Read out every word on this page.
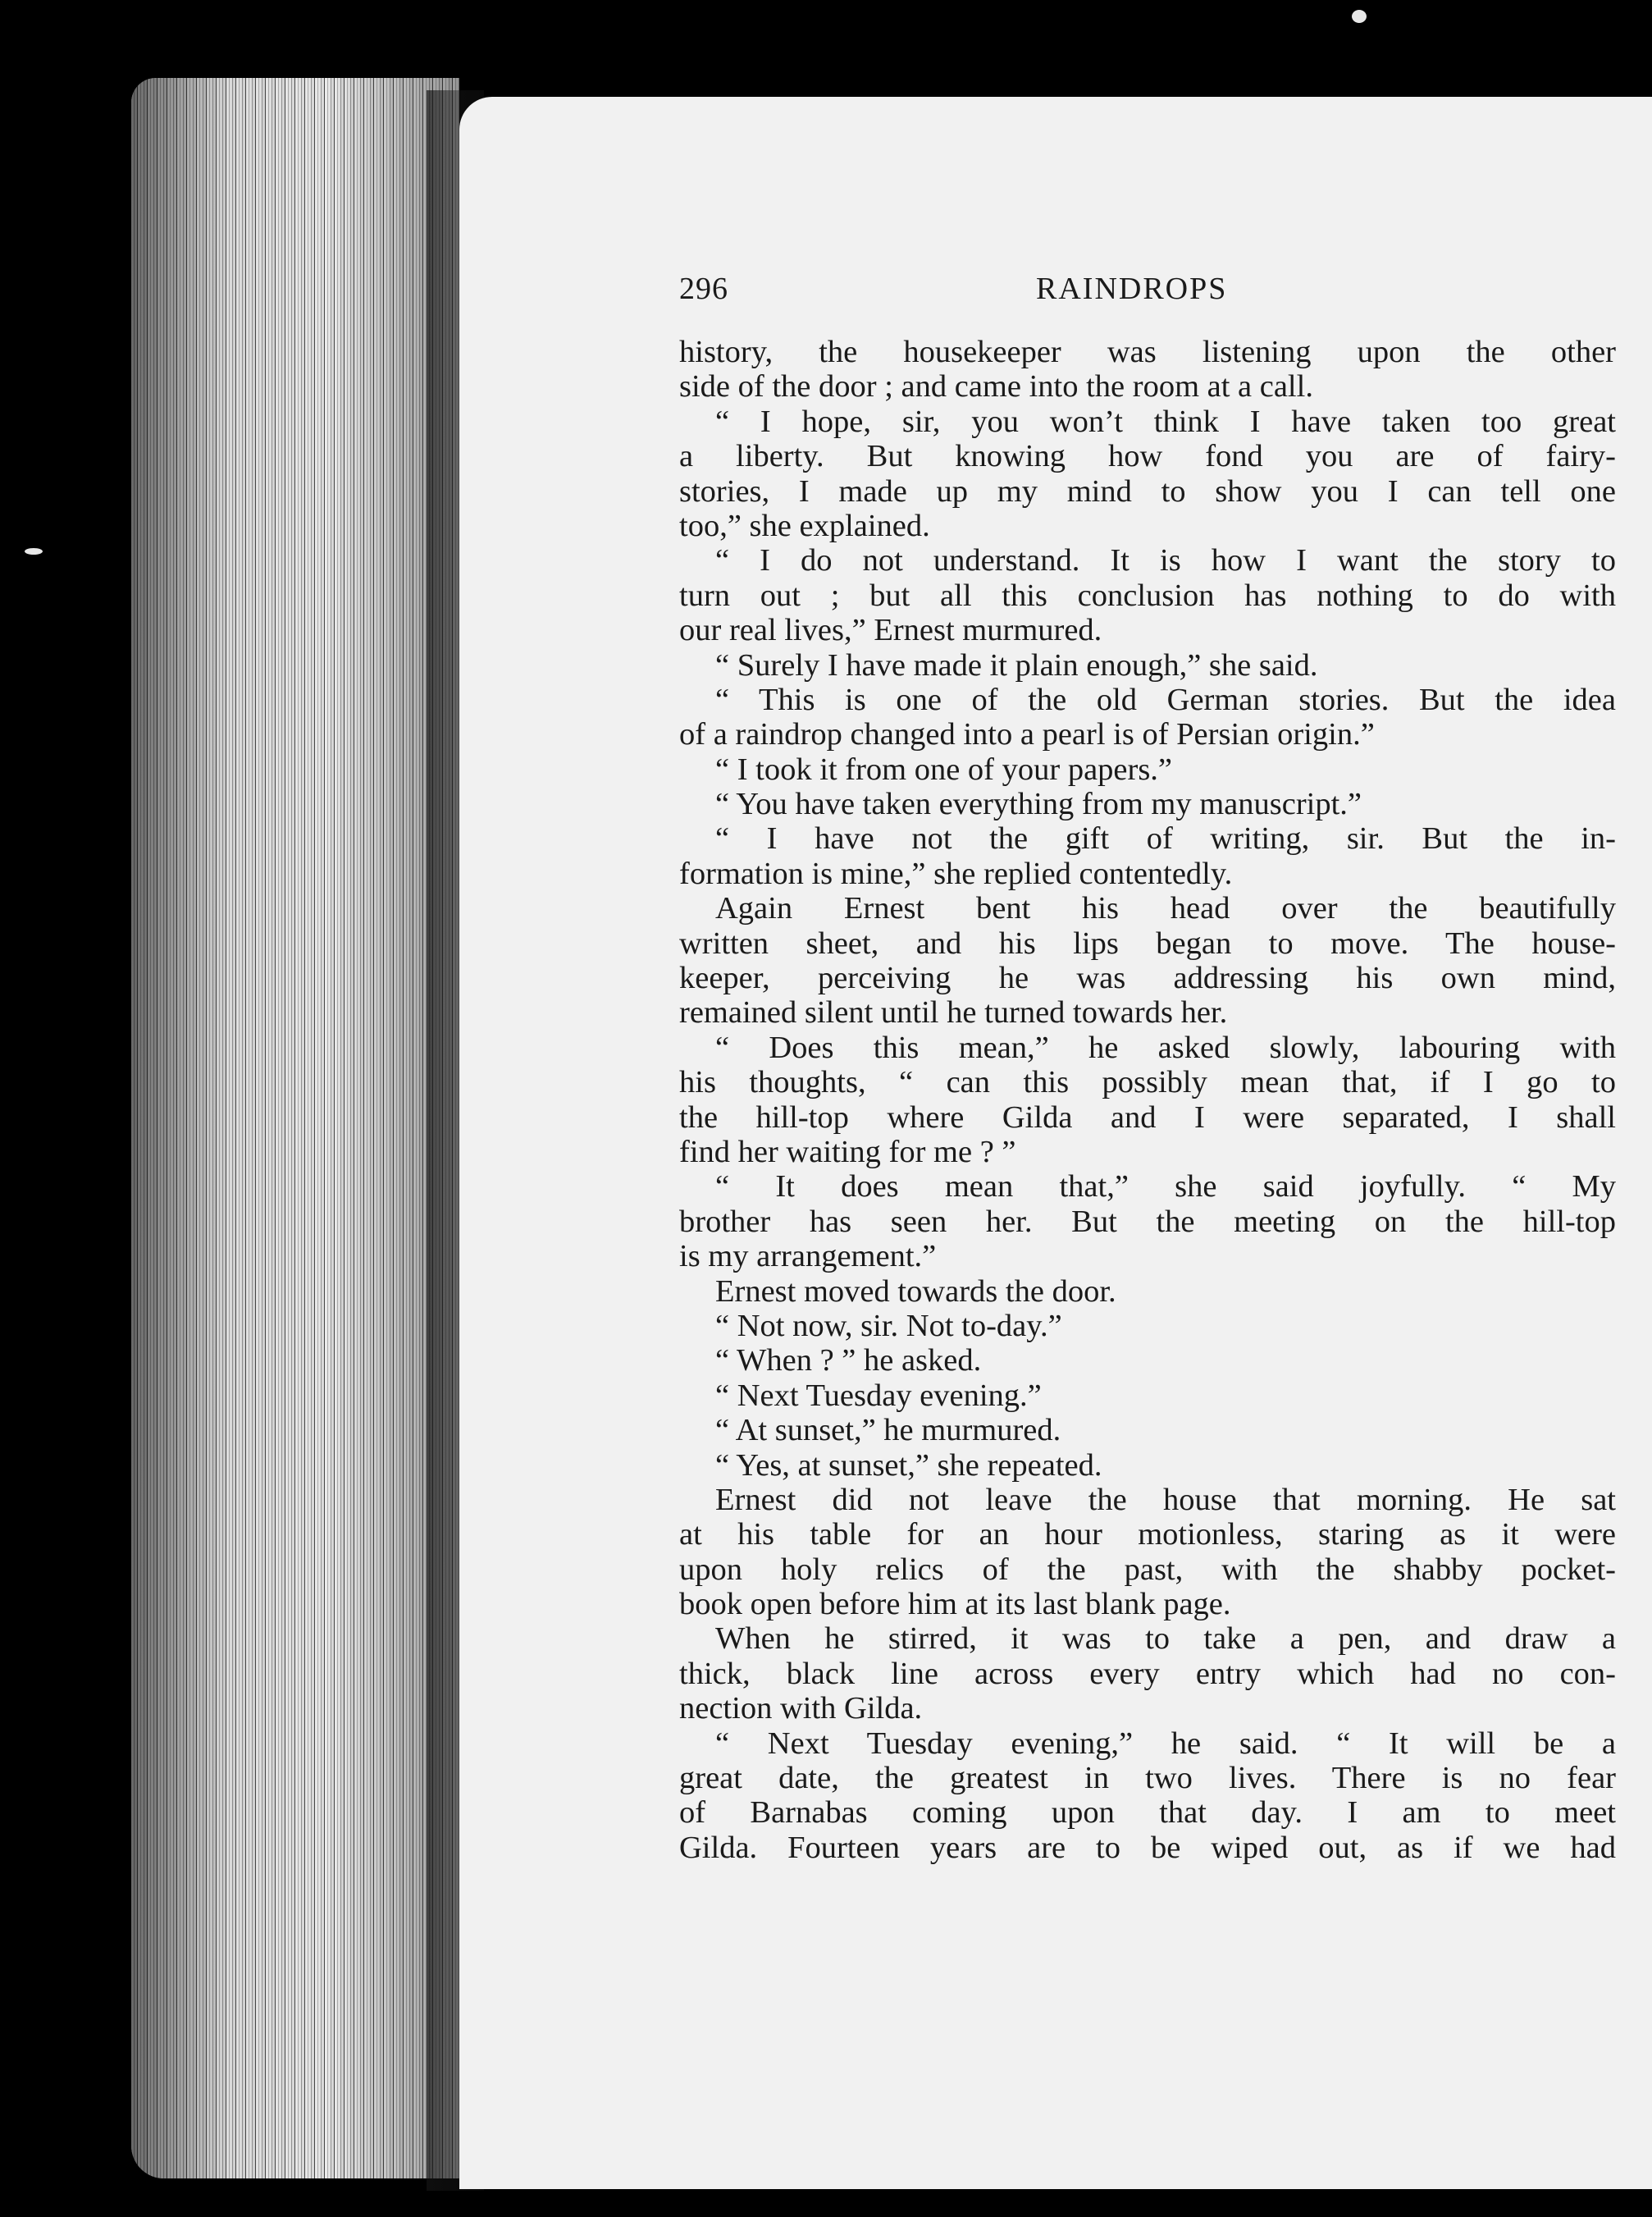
296	RAINDROPS
history, the housekeeper was listening upon the other
side of the door ; and came into the room at a call.
“ I hope, sir, you won’t think I have taken too great
a liberty. But knowing how fond you are of fairy-
stories, I made up my mind to show you I can tell one
too,” she explained.
“ I do not understand. It is how I want the story to
turn out ; but all this conclusion has nothing to do with
our real lives,” Ernest murmured.
“ Surely I have made it plain enough,” she said.
“ This is one of the old German stories. But the idea
of a raindrop changed into a pearl is of Persian origin.”
“ I took it from one of your papers.”
“ You have taken everything from my manuscript.”
“ I have not the gift of writing, sir. But the in-
formation is mine,” she replied contentedly.
Again Ernest bent his head over the beautifully
written sheet, and his lips began to move. The house-
keeper, perceiving he was addressing his own mind,
remained silent until he turned towards her.
“ Does this mean,” he asked slowly, labouring with
his thoughts, “ can this possibly mean that, if I go to
the hill-top where Gilda and I were separated, I shall
find her waiting for me ? ”
“ It does mean that,” she said joyfully. “ My
brother has seen her. But the meeting on the hill-top
is my arrangement.”
Ernest moved towards the door.
“ Not now, sir. Not to-day.”
“ When ? ” he asked.
“ Next Tuesday evening.”
“ At sunset,” he murmured.
“ Yes, at sunset,” she repeated.
Ernest did not leave the house that morning. He sat
at his table for an hour motionless, staring as it were
upon holy relics of the past, with the shabby pocket-
book open before him at its last blank page.
When he stirred, it was to take a pen, and draw a
thick, black line across every entry which had no con-
nection with Gilda.
“ Next Tuesday evening,” he said. “ It will be a
great date, the greatest in two lives. There is no fear
of Barnabas coming upon that day. I am to meet
Gilda. Fourteen years are to be wiped out, as if we had
